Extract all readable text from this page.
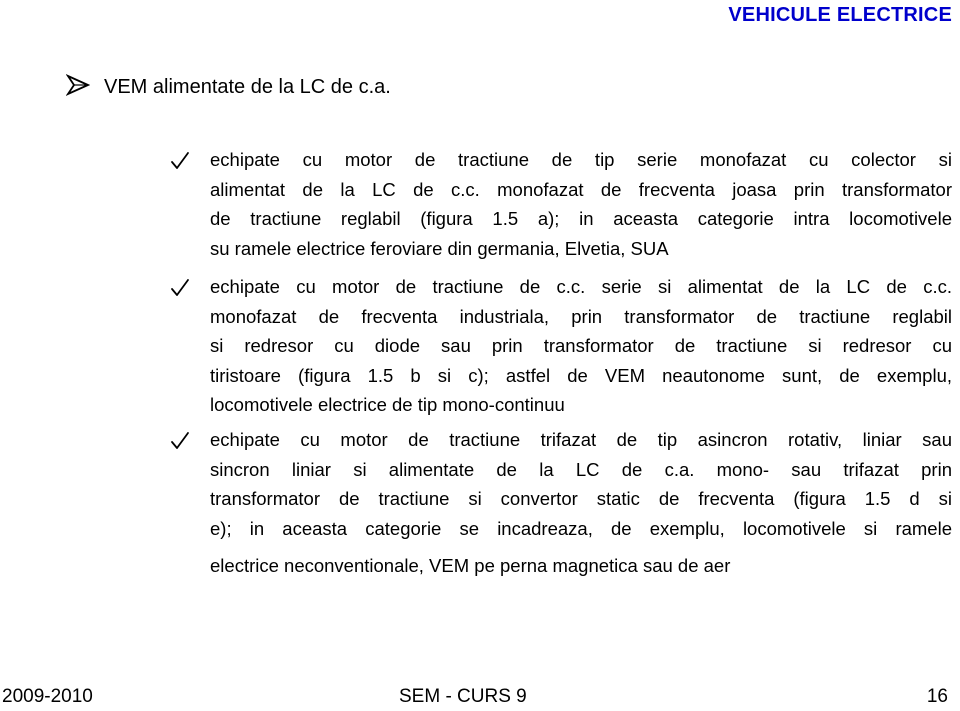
VEHICULE ELECTRICE
VEM alimentate de la LC de c.a.
echipate cu motor de tractiune de tip serie monofazat cu colector si
alimentat de la LC de c.c. monofazat de frecventa joasa prin transformator
de tractiune reglabil (figura 1.5 a); in aceasta categorie intra locomotivele
su ramele electrice feroviare din germania, Elvetia, SUA
echipate cu motor de tractiune de c.c. serie si alimentat de la LC de c.c.
monofazat de frecventa industriala, prin transformator de tractiune reglabil
si redresor cu diode sau prin transformator de tractiune si redresor cu
tiristoare (figura 1.5 b si c); astfel de VEM neautonome sunt, de exemplu,
locomotivele electrice de tip mono-continuu
echipate cu motor de tractiune trifazat de tip asincron rotativ, liniar sau
sincron liniar si alimentate de la LC de c.a. mono- sau trifazat prin
transformator de tractiune si convertor static de frecventa (figura 1.5 d si
e); in aceasta categorie se incadreaza, de exemplu, locomotivele si ramele
electrice neconventionale, VEM pe perna magnetica sau de aer
2009-2010	SEM - CURS 9	16
